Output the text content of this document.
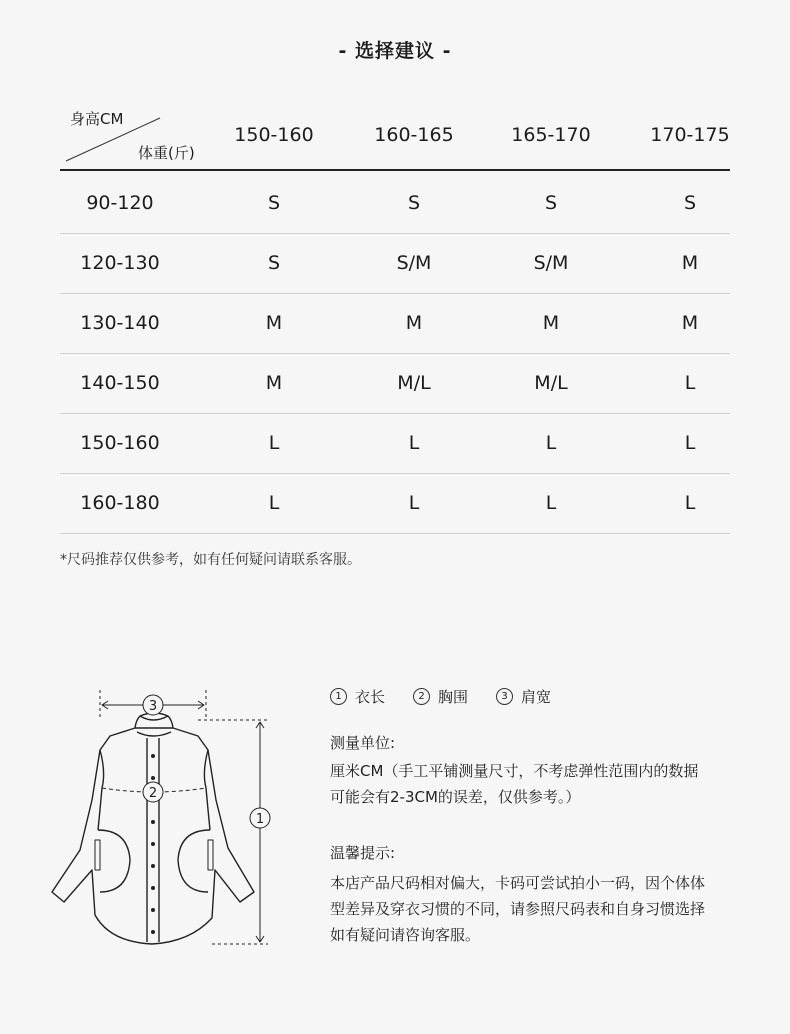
- 选择建议 -
身高CM
体重(斤)
150-160	160-165	165-170	170-175
90-120	S	S	S	S
120-130	S	S/M	S/M	M
130-140	M	M	M	M
140-150	M	M/L	M/L	L
150-160	L	L	L	L
160-180	L	L	L	L
*尺码推荐仅供参考，如有任何疑问请联系客服。
3
2
1
1 衣长	2 胸围	3 肩宽
测量单位:
厘米CM（手工平铺测量尺寸，不考虑弹性范围内的数据
可能会有2-3CM的误差，仅供参考。）
温馨提示:
本店产品尺码相对偏大，卡码可尝试拍小一码，因个体体
型差异及穿衣习惯的不同，请参照尺码表和自身习惯选择
如有疑问请咨询客服。
